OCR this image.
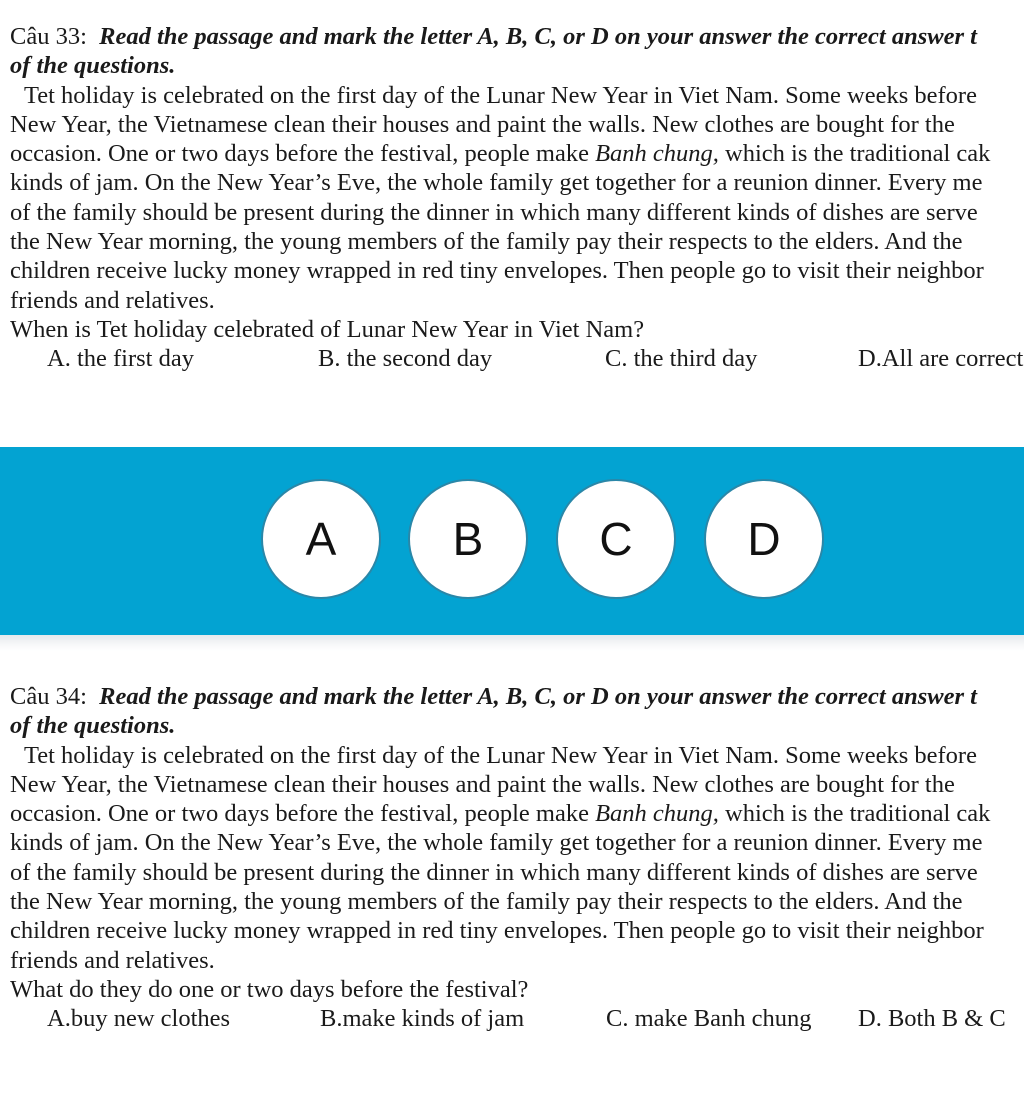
Câu 33: Read the passage and mark the letter A, B, C, or D on your answer the correct answer t
of the questions.
Tet holiday is celebrated on the first day of the Lunar New Year in Viet Nam. Some weeks before
New Year, the Vietnamese clean their houses and paint the walls. New clothes are bought for the
occasion. One or two days before the festival, people make Banh chung, which is the traditional cak
kinds of jam. On the New Year’s Eve, the whole family get together for a reunion dinner. Every me
of the family should be present during the dinner in which many different kinds of dishes are serve
the New Year morning, the young members of the family pay their respects to the elders. And the
children receive lucky money wrapped in red tiny envelopes. Then people go to visit their neighbor
friends and relatives.
When is Tet holiday celebrated of Lunar New Year in Viet Nam?
A. the first day	B. the second day	C. the third day	D.All are correct
A	B	C	D
Câu 34: Read the passage and mark the letter A, B, C, or D on your answer the correct answer t
of the questions.
Tet holiday is celebrated on the first day of the Lunar New Year in Viet Nam. Some weeks before
New Year, the Vietnamese clean their houses and paint the walls. New clothes are bought for the
occasion. One or two days before the festival, people make Banh chung, which is the traditional cak
kinds of jam. On the New Year’s Eve, the whole family get together for a reunion dinner. Every me
of the family should be present during the dinner in which many different kinds of dishes are serve
the New Year morning, the young members of the family pay their respects to the elders. And the
children receive lucky money wrapped in red tiny envelopes. Then people go to visit their neighbor
friends and relatives.
What do they do one or two days before the festival?
A.buy new clothes	B.make kinds of jam	C. make Banh chung D. Both B & C
